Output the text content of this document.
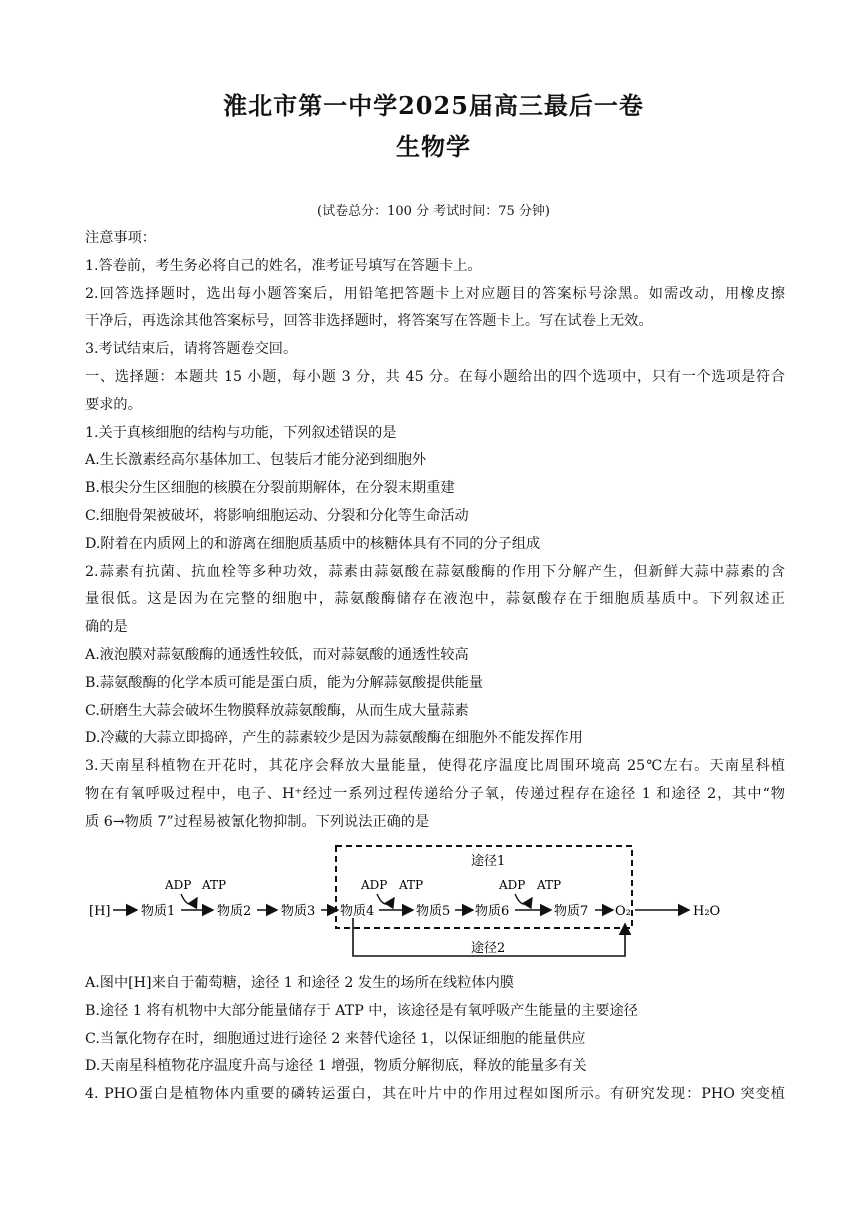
淮北市第一中学2025届高三最后一卷
生物学
(试卷总分：100 分 考试时间：75 分钟)
注意事项：
1.答卷前，考生务必将自己的姓名，准考证号填写在答题卡上。
2.回答选择题时，选出每小题答案后，用铅笔把答题卡上对应题目的答案标号涂黑。如需改动，用橡皮擦
干净后，再选涂其他答案标号，回答非选择题时，将答案写在答题卡上。写在试卷上无效。
3.考试结束后，请将答题卷交回。
一、选择题：本题共 15 小题，每小题 3 分，共 45 分。在每小题给出的四个选项中，只有一个选项是符合
要求的。
1.关于真核细胞的结构与功能，下列叙述错误的是
A.生长激素经高尔基体加工、包装后才能分泌到细胞外
B.根尖分生区细胞的核膜在分裂前期解体，在分裂末期重建
C.细胞骨架被破坏，将影响细胞运动、分裂和分化等生命活动
D.附着在内质网上的和游离在细胞质基质中的核糖体具有不同的分子组成
2.蒜素有抗菌、抗血栓等多种功效，蒜素由蒜氨酸在蒜氨酸酶的作用下分解产生，但新鲜大蒜中蒜素的含
量很低。这是因为在完整的细胞中，蒜氨酸酶储存在液泡中，蒜氨酸存在于细胞质基质中。下列叙述正
确的是
A.液泡膜对蒜氨酸酶的通透性较低，而对蒜氨酸的通透性较高
B.蒜氨酸酶的化学本质可能是蛋白质，能为分解蒜氨酸提供能量
C.研磨生大蒜会破坏生物膜释放蒜氨酸酶，从而生成大量蒜素
D.冷藏的大蒜立即捣碎，产生的蒜素较少是因为蒜氨酸酶在细胞外不能发挥作用
3.天南星科植物在开花时，其花序会释放大量能量，使得花序温度比周围环境高 25℃左右。天南星科植
物在有氧呼吸过程中，电子、H⁺经过一系列过程传递给分子氧，传递过程存在途径 1 和途径 2，其中“物
质 6→物质 7”过程易被氰化物抑制。下列说法正确的是
途径1
[H] 物质1
ADP ATP
物质2 物质3 物质4
ADP ATP
物质5 物质6
ADP ATP
物质7 O₂	H₂O
途径2
A.图中[H]来自于葡萄糖，途径 1 和途径 2 发生的场所在线粒体内膜
B.途径 1 将有机物中大部分能量储存于 ATP 中，该途径是有氧呼吸产生能量的主要途径
C.当氰化物存在时，细胞通过进行途径 2 来替代途径 1，以保证细胞的能量供应
D.天南星科植物花序温度升高与途径 1 增强，物质分解彻底，释放的能量多有关
4. PHO蛋白是植物体内重要的磷转运蛋白，其在叶片中的作用过程如图所示。有研究发现：PHO 突变植
